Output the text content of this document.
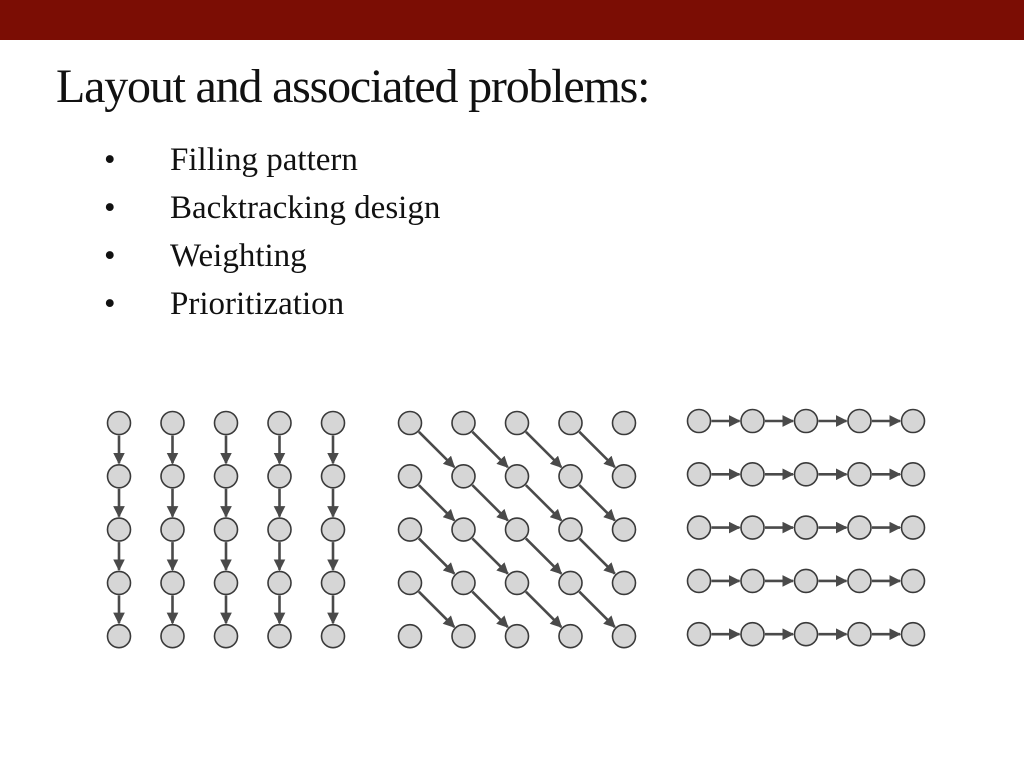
Layout and associated problems:
• Filling pattern
• Backtracking design
• Weighting
• Prioritization
